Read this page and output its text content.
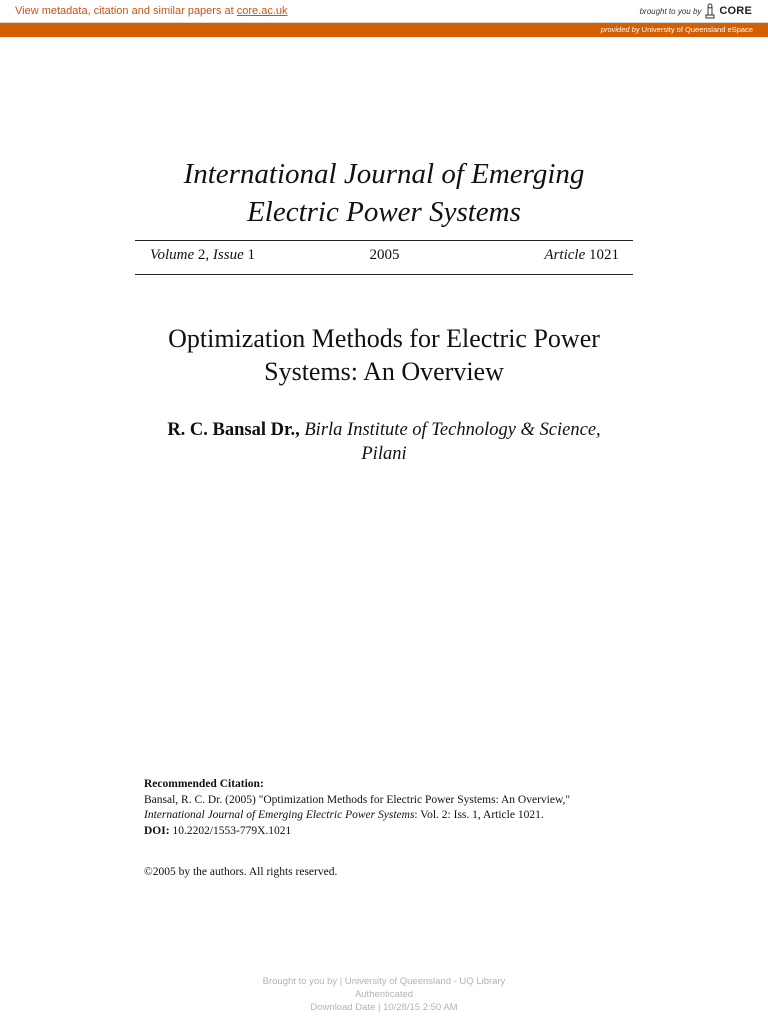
View metadata, citation and similar papers at core.ac.uk	brought to you by CORE
provided by University of Queensland eSpace
International Journal of Emerging
Electric Power Systems
Volume 2, Issue 1	2005	Article 1021
Optimization Methods for Electric Power
Systems: An Overview
R. C. Bansal Dr., Birla Institute of Technology & Science,
Pilani
Recommended Citation:
Bansal, R. C. Dr. (2005) "Optimization Methods for Electric Power Systems: An Overview,"
International Journal of Emerging Electric Power Systems: Vol. 2: Iss. 1, Article 1021.
DOI: 10.2202/1553-779X.1021
©2005 by the authors. All rights reserved.
Brought to you by | University of Queensland - UQ Library
Authenticated
Download Date | 10/28/15 2:50 AM
